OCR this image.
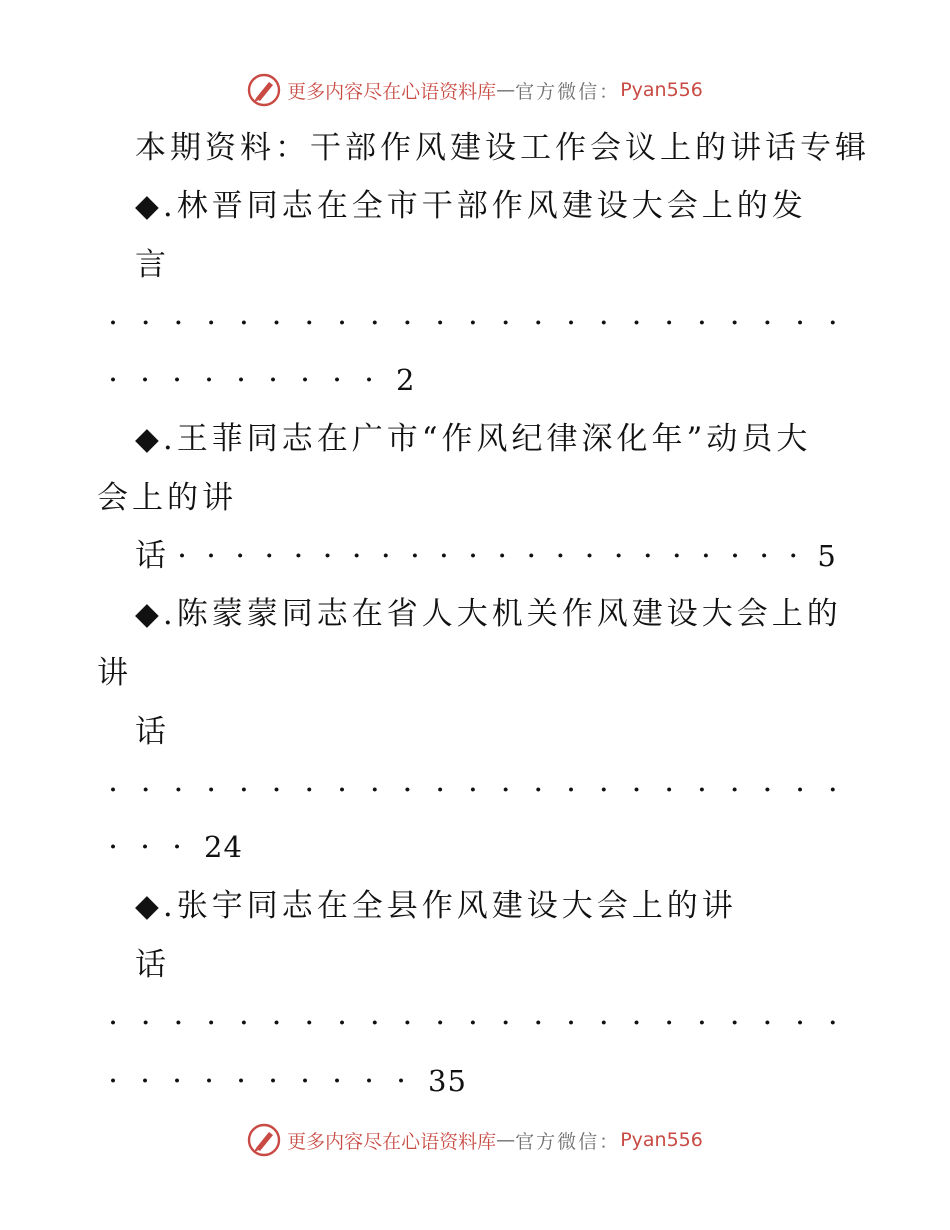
更多内容尽在心语资料库 — 官方微信： Pyan556
本期资料：干部作风建设工作会议上的讲话专辑
◆.林晋同志在全市干部作风建设大会上的发
言
· · · · · · · · · · · · · · · · · · · · · · ·
· · · · · · · · · 2
◆.王菲同志在广市“作风纪律深化年”动员大
会上的讲
话 · · · · · · · · · · · · · · · · · · · · · · 5
◆.陈蒙蒙同志在省人大机关作风建设大会上的
讲
话
· · · · · · · · · · · · · · · · · · · · · · ·
· · · 24
◆.张宇同志在全县作风建设大会上的讲
话
· · · · · · · · · · · · · · · · · · · · · · ·
· · · · · · · · · · 35
更多内容尽在心语资料库 — 官方微信： Pyan556
